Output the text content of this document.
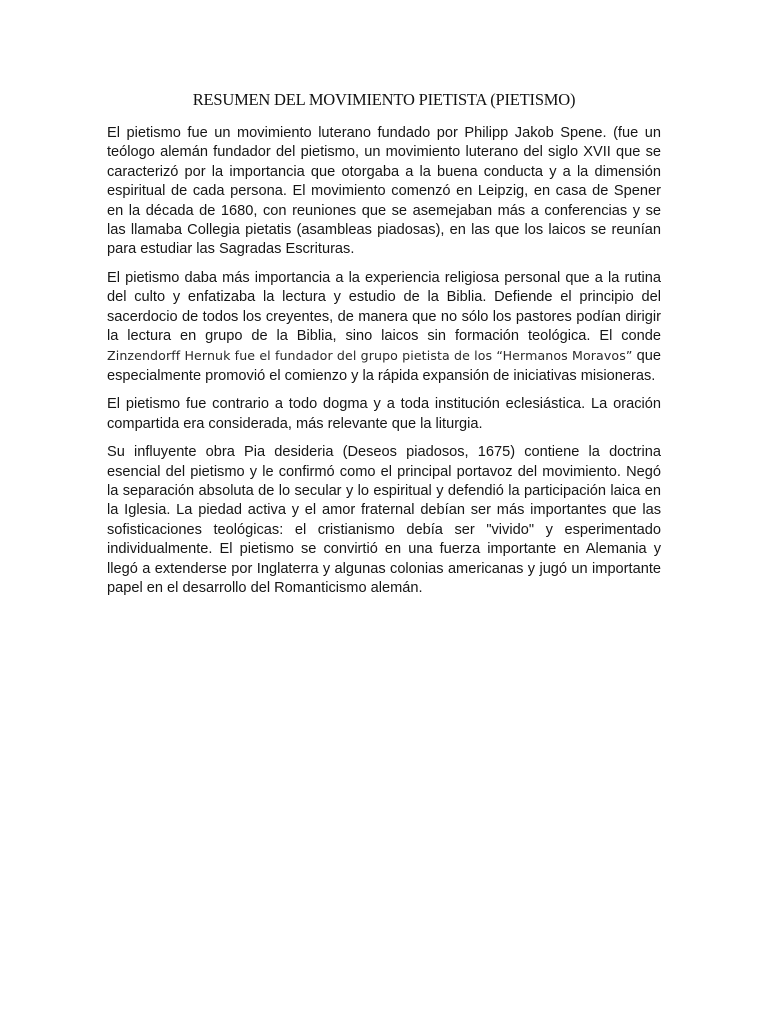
RESUMEN DEL MOVIMIENTO PIETISTA (PIETISMO)

El pietismo fue un movimiento luterano fundado por Philipp Jakob Spene. (fue un teólogo alemán fundador del pietismo, un movimiento luterano del siglo XVII que se caracterizó por la importancia que otorgaba a la buena conducta y a la dimensión espiritual de cada persona. El movimiento comenzó en Leipzig, en casa de Spener en la década de 1680, con reuniones que se asemejaban más a conferencias y se las llamaba Collegia pietatis (asambleas piadosas), en las que los laicos se reunían para estudiar las Sagradas Escrituras.

El pietismo daba más importancia a la experiencia religiosa personal que a la rutina del culto y enfatizaba la lectura y estudio de la Biblia. Defiende el principio del sacerdocio de todos los creyentes, de manera que no sólo los pastores podían dirigir la lectura en grupo de la Biblia, sino laicos sin formación teológica. El conde Zinzendorff Hernuk fue el fundador del grupo pietista de los “Hermanos Moravos” que especialmente promovió el comienzo y la rápida expansión de iniciativas misioneras.

El pietismo fue contrario a todo dogma y a toda institución eclesiástica. La oración compartida era considerada, más relevante que la liturgia.

Su influyente obra Pia desideria (Deseos piadosos, 1675) contiene la doctrina esencial del pietismo y le confirmó como el principal portavoz del movimiento. Negó la separación absoluta de lo secular y lo espiritual y defendió la participación laica en la Iglesia. La piedad activa y el amor fraternal debían ser más importantes que las sofisticaciones teológicas: el cristianismo debía ser "vivido" y esperimentado individualmente. El pietismo se convirtió en una fuerza importante en Alemania y llegó a extenderse por Inglaterra y algunas colonias americanas y jugó un importante papel en el desarrollo del Romanticismo alemán.
